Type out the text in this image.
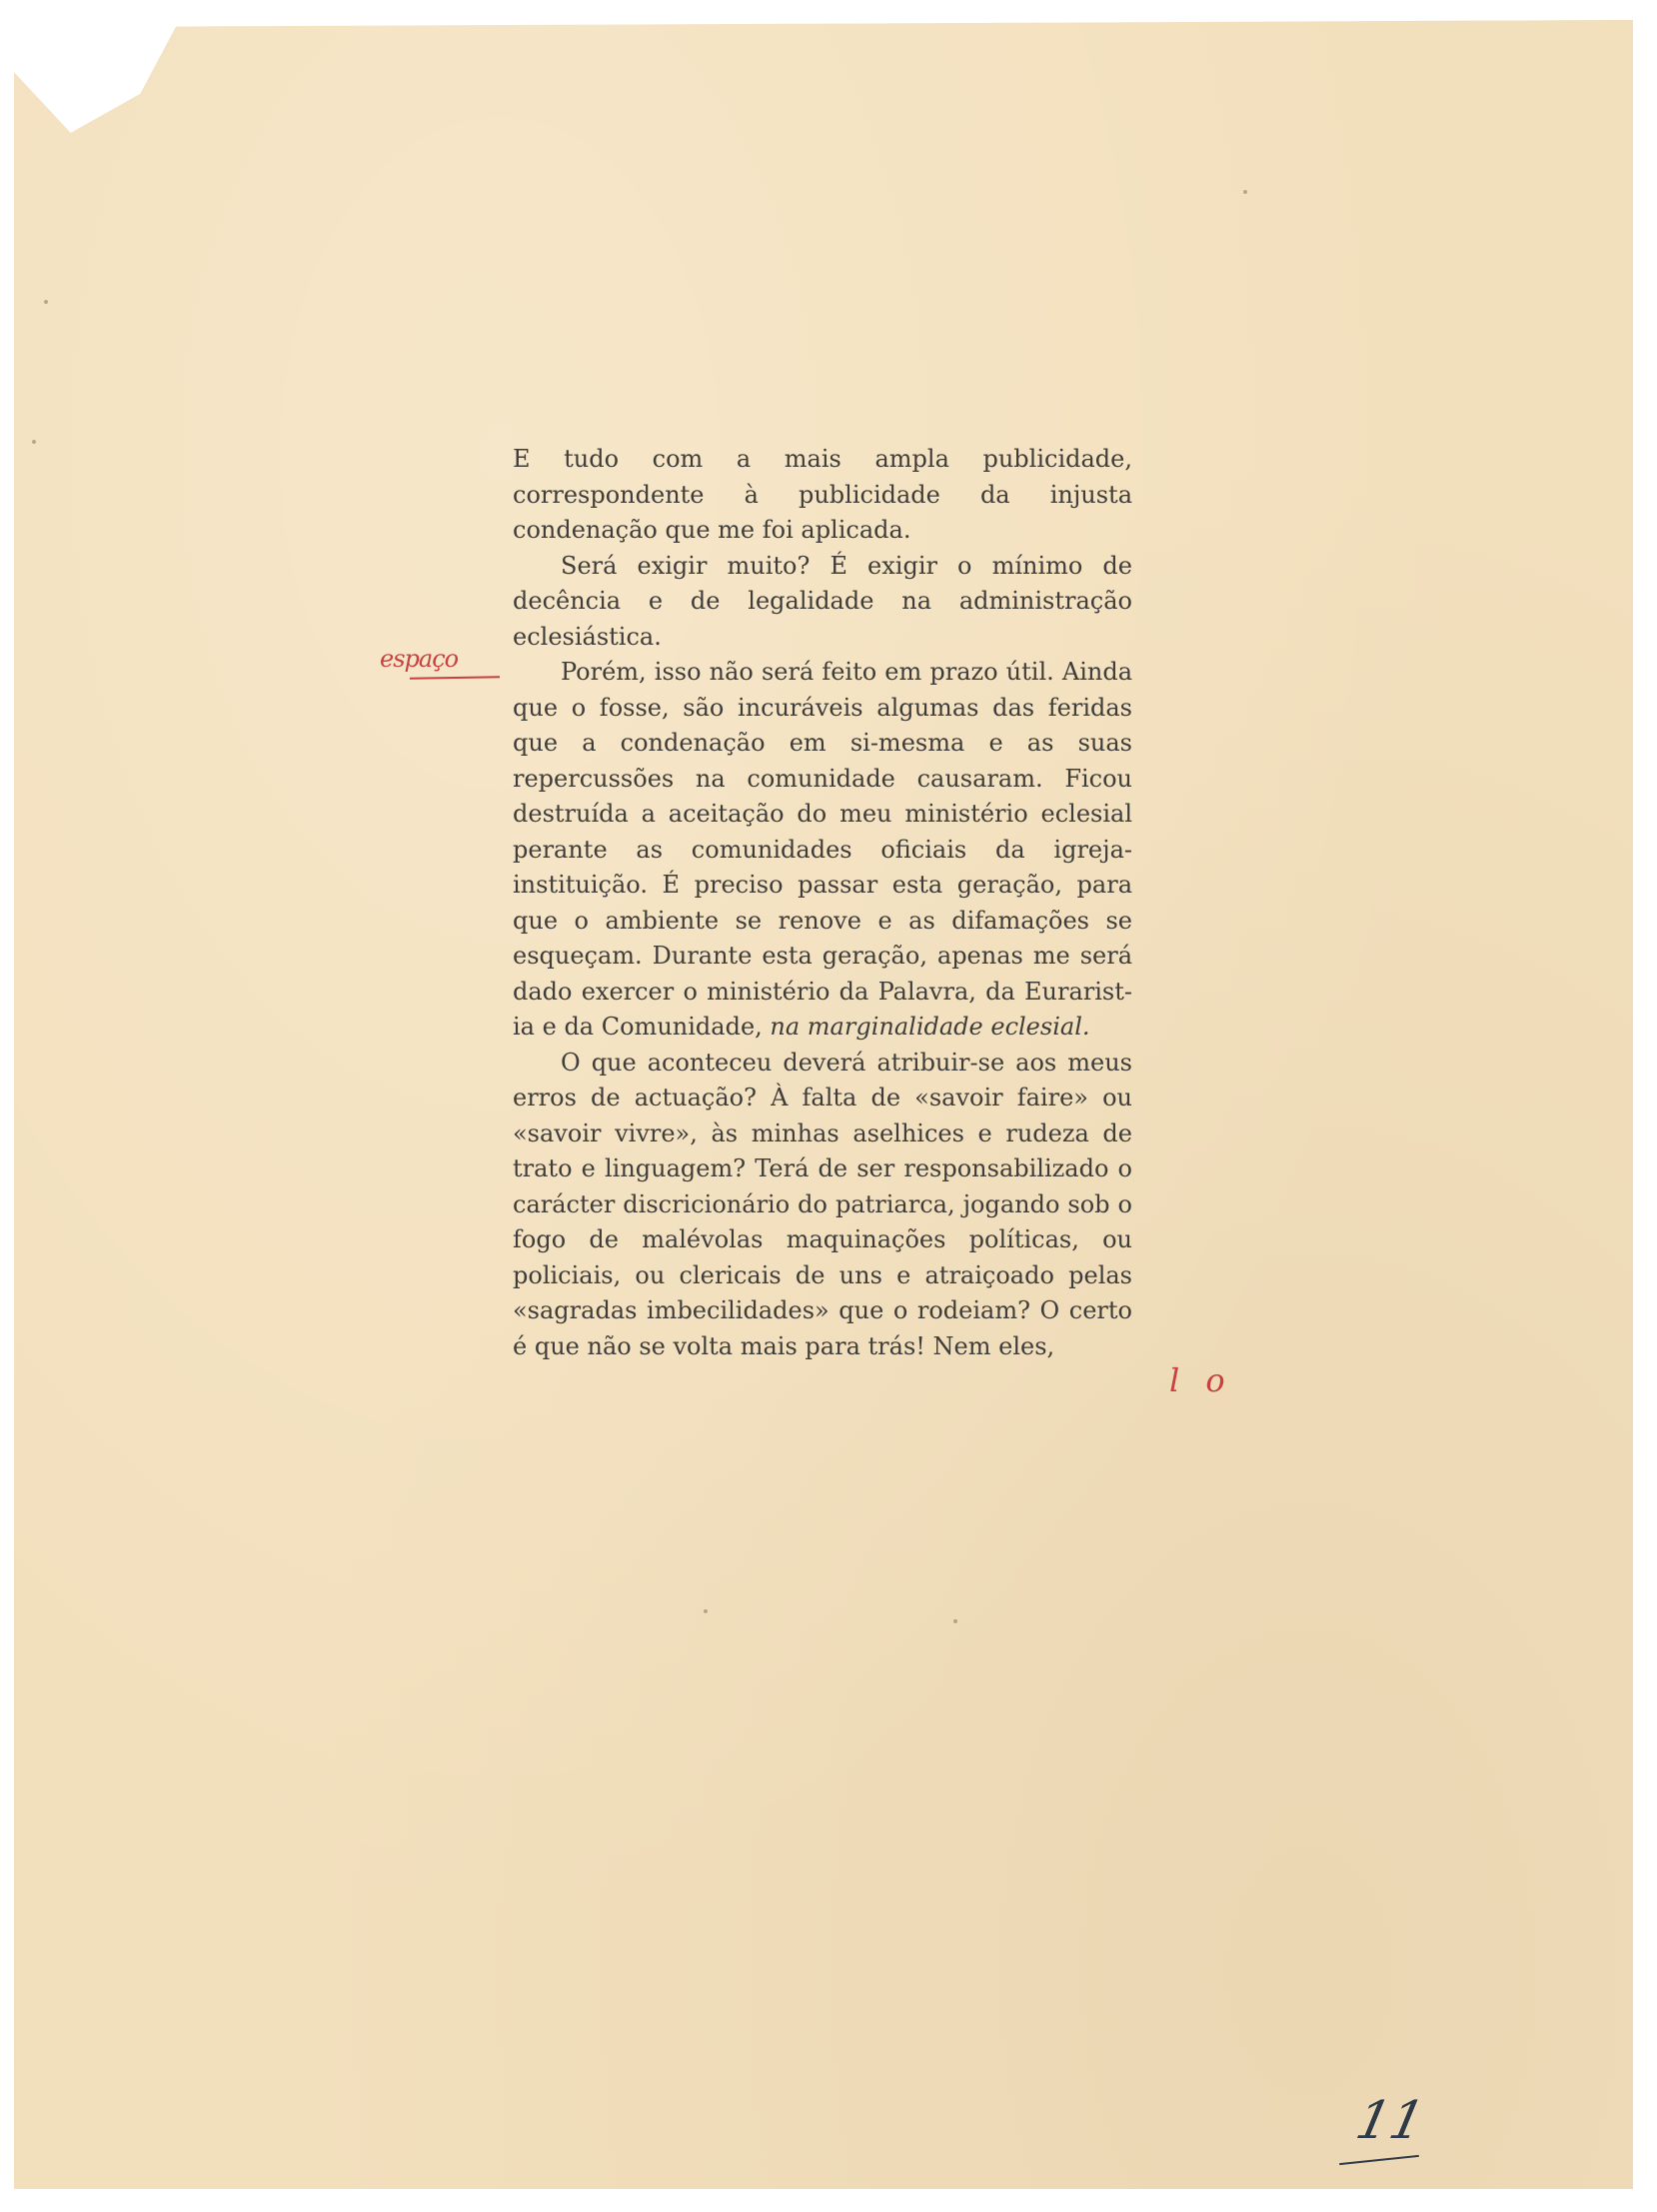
espaço

E tudo com a mais ampla publicidade, correspondente à publicidade da injusta condenação que me foi aplicada.

Será exigir muito? É exigir o mínimo de decência e de legalidade na administração eclesiástica.

Porém, isso não será feito em prazo útil. Ainda que o fosse, são incuráveis algumas das feridas que a condenação em si-mesma e as suas repercussões na comunidade causaram. Ficou destruída a aceitação do meu ministério eclesial perante as comunidades oficiais da igreja-instituição. É preciso passar esta geração, para que o ambiente se renove e as difamações se esqueçam. Durante esta geração, apenas me será dado exercer o ministério da Palavra, da Euraristia e da Comunidade, na marginalidade eclesial.

O que aconteceu deverá atribuir-se aos meus erros de actuação? À falta de «savoir faire» ou «savoir vivre», às minhas aselhices e rudeza de trato e linguagem? Terá de ser responsabilizado o carácter discricionário do patriarca, jogando sob o fogo de malévolas maquinações políticas, ou policiais, ou clericais de uns e atraiçoado pelas «sagradas imbecilidades» que o rodeiam? O certo é que não se volta mais para trás! Nem eles,

l o
11
